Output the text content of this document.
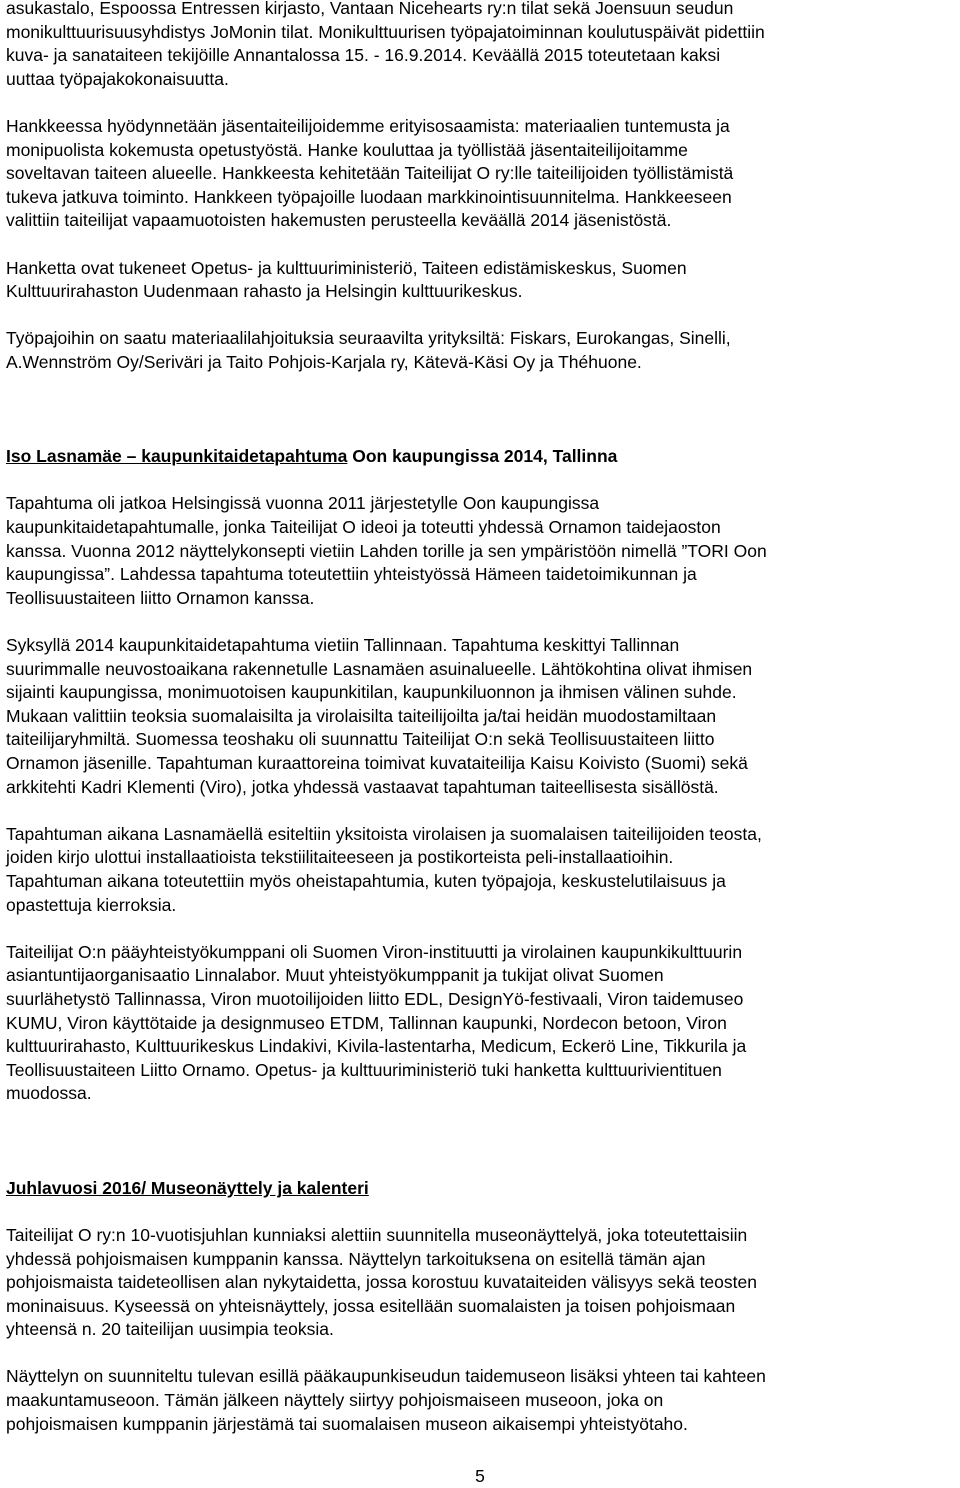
asukastalo, Espoossa Entressen kirjasto, Vantaan Nicehearts ry:n tilat sekä Joensuun seudun
monikulttuurisuusyhdistys JoMonin tilat. Monikulttuurisen työpajatoiminnan koulutuspäivät pidettiin
kuva- ja sanataiteen tekijöille Annantalossa 15. - 16.9.2014. Keväällä 2015 toteutetaan kaksi
uuttaa työpajakokonaisuutta.

Hankkeessa hyödynnetään jäsentaiteilijoidemme erityisosaamista: materiaalien tuntemusta ja
monipuolista kokemusta opetustyöstä. Hanke kouluttaa ja työllistää jäsentaiteilijoitamme
soveltavan taiteen alueelle. Hankkeesta kehitetään Taiteilijat O ry:lle taiteilijoiden työllistämistä
tukeva jatkuva toiminto. Hankkeen työpajoille luodaan markkinointisuunnitelma. Hankkeeseen
valittiin taiteilijat vapaamuotoisten hakemusten perusteella keväällä 2014 jäsenistöstä.

Hanketta ovat tukeneet Opetus- ja kulttuuriministeriö, Taiteen edistämiskeskus, Suomen
Kulttuurirahaston Uudenmaan rahasto ja Helsingin kulttuurikeskus.

Työpajoihin on saatu materiaalilahjoituksia seuraavilta yrityksiltä: Fiskars, Eurokangas, Sinelli,
A.Wennström Oy/Seriväri ja Taito Pohjois-Karjala ry, Kätevä-Käsi Oy ja Théhuone.

Iso Lasnamäe – kaupunkitaidetapahtuma Oon kaupungissa 2014, Tallinna

Tapahtuma oli jatkoa Helsingissä vuonna 2011 järjestetylle Oon kaupungissa
kaupunkitaidetapahtumalle, jonka Taiteilijat O ideoi ja toteutti yhdessä Ornamon taidejaoston
kanssa. Vuonna 2012 näyttelykonsepti vietiin Lahden torille ja sen ympäristöön nimellä ”TORI Oon
kaupungissa”. Lahdessa tapahtuma toteutettiin yhteistyössä Hämeen taidetoimikunnan ja
Teollisuustaiteen liitto Ornamon kanssa.

Syksyllä 2014 kaupunkitaidetapahtuma vietiin Tallinnaan. Tapahtuma keskittyi Tallinnan
suurimmalle neuvostoaikana rakennetulle Lasnamäen asuinalueelle. Lähtökohtina olivat ihmisen
sijainti kaupungissa, monimuotoisen kaupunkitilan, kaupunkiluonnon ja ihmisen välinen suhde.
Mukaan valittiin teoksia suomalaisilta ja virolaisilta taiteilijoilta ja/tai heidän muodostamiltaan
taiteilijaryhmiltä. Suomessa teoshaku oli suunnattu Taiteilijat O:n sekä Teollisuustaiteen liitto
Ornamon jäsenille. Tapahtuman kuraattoreina toimivat kuvataiteilija Kaisu Koivisto (Suomi) sekä
arkkitehti Kadri Klementi (Viro), jotka yhdessä vastaavat tapahtuman taiteellisesta sisällöstä.

Tapahtuman aikana Lasnamäellä esiteltiin yksitoista virolaisen ja suomalaisen taiteilijoiden teosta,
joiden kirjo ulottui installaatioista tekstiilitaiteeseen ja postikorteista peli-installaatioihin.
Tapahtuman aikana toteutettiin myös oheistapahtumia, kuten työpajoja, keskustelutilaisuus ja
opastettuja kierroksia.

Taiteilijat O:n pääyhteistyökumppani oli Suomen Viron-instituutti ja virolainen kaupunkikulttuurin
asiantuntijaorganisaatio Linnalabor. Muut yhteistyökumppanit ja tukijat olivat Suomen
suurlähetystö Tallinnassa, Viron muotoilijoiden liitto EDL, DesignYö-festivaali, Viron taidemuseo
KUMU, Viron käyttötaide ja designmuseo ETDM, Tallinnan kaupunki, Nordecon betoon, Viron
kulttuurirahasto, Kulttuurikeskus Lindakivi, Kivila-lastentarha, Medicum, Eckerö Line, Tikkurila ja
Teollisuustaiteen Liitto Ornamo. Opetus- ja kulttuuriministeriö tuki hanketta kulttuurivientituen
muodossa.

Juhlavuosi 2016/ Museonäyttely ja kalenteri

Taiteilijat O ry:n 10-vuotisjuhlan kunniaksi alettiin suunnitella museonäyttelyä, joka toteutettaisiin
yhdessä pohjoismaisen kumppanin kanssa. Näyttelyn tarkoituksena on esitellä tämän ajan
pohjoismaista taideteollisen alan nykytaidetta, jossa korostuu kuvataiteiden välisyys sekä teosten
moninaisuus. Kyseessä on yhteisnäyttely, jossa esitellään suomalaisten ja toisen pohjoismaan
yhteensä n. 20 taiteilijan uusimpia teoksia.

Näyttelyn on suunniteltu tulevan esillä pääkaupunkiseudun taidemuseon lisäksi yhteen tai kahteen
maakuntamuseoon. Tämän jälkeen näyttely siirtyy pohjoismaiseen museoon, joka on
pohjoismaisen kumppanin järjestämä tai suomalaisen museon aikaisempi yhteistyötaho.

5
